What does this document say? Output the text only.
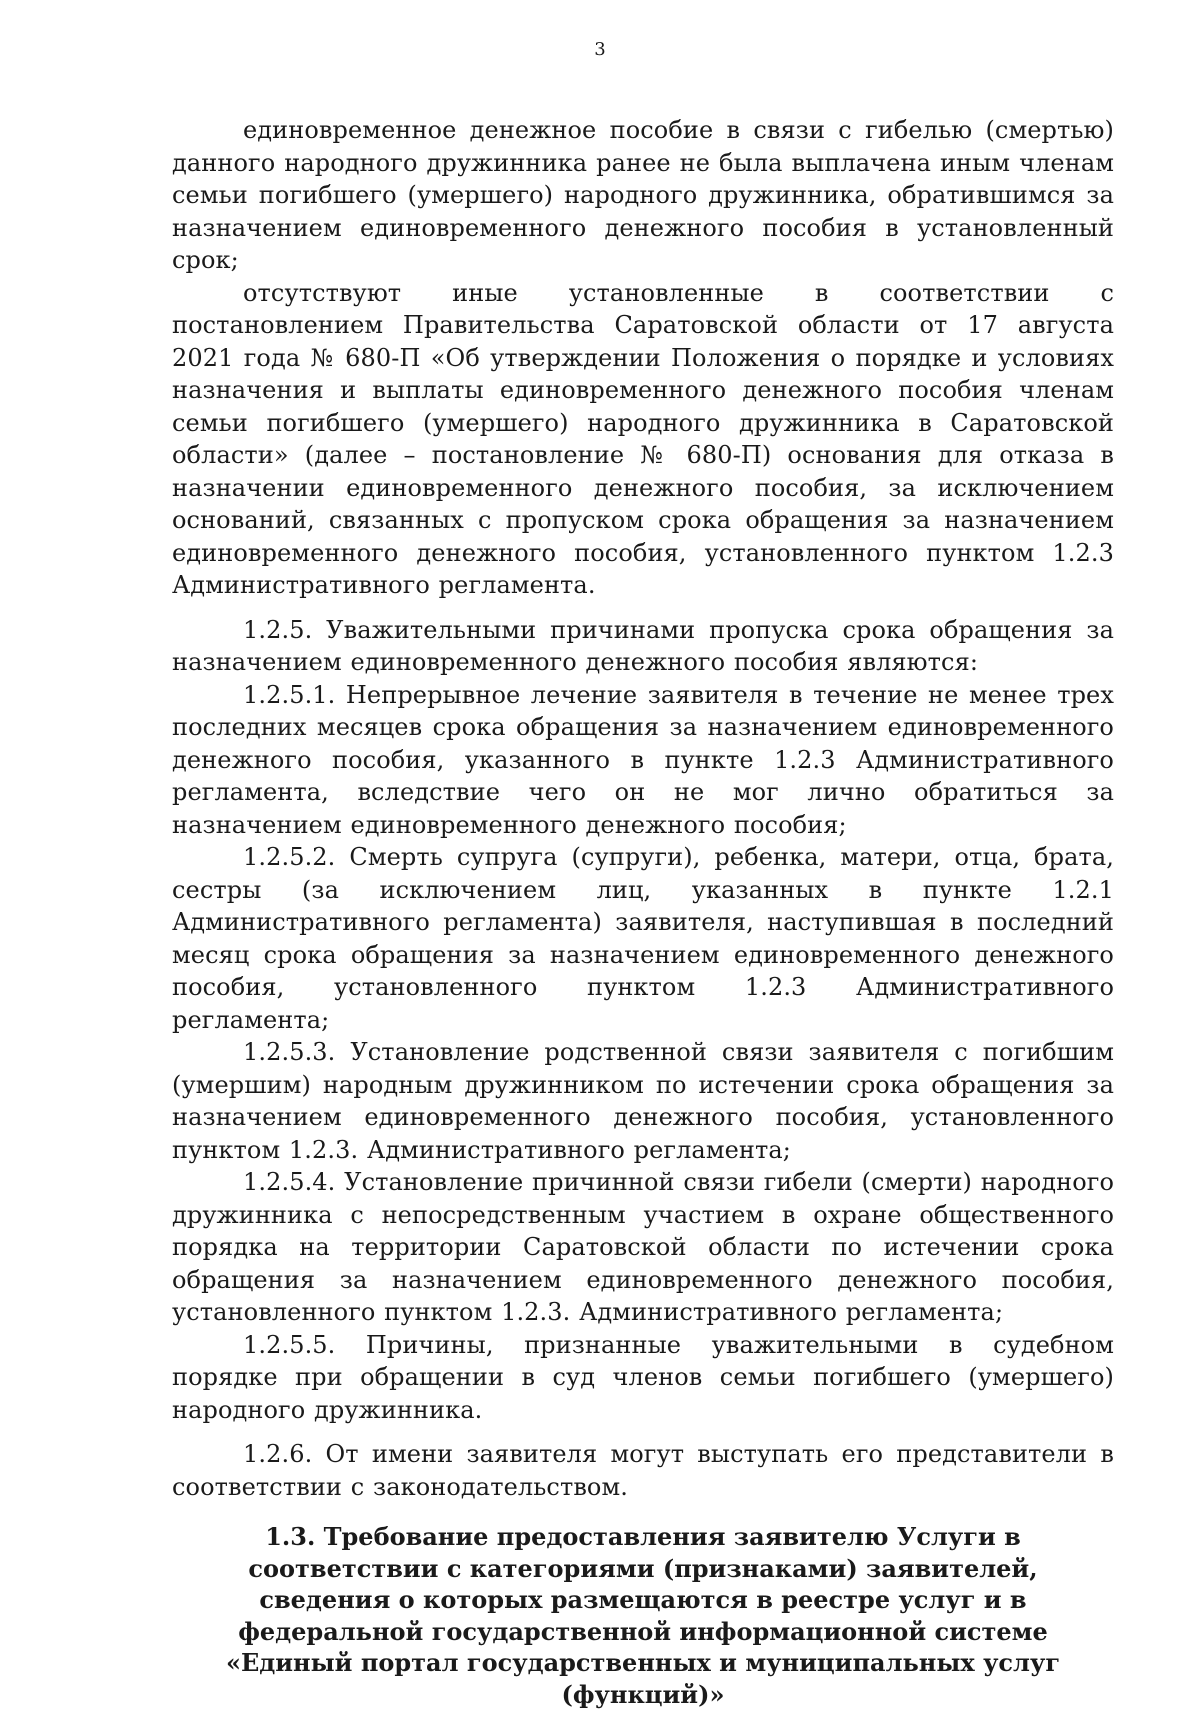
3

единовременное денежное пособие в связи с гибелью (смертью) данного народного дружинника ранее не была выплачена иным членам семьи погибшего (умершего) народного дружинника, обратившимся за назначением единовременного денежного пособия в установленный срок;

отсутствуют иные установленные в соответствии с постановлением Правительства Саратовской области от 17 августа 2021 года № 680-П «Об утверждении Положения о порядке и условиях назначения и выплаты единовременного денежного пособия членам семьи погибшего (умершего) народного дружинника в Саратовской области» (далее – постановление № 680-П) основания для отказа в назначении единовременного денежного пособия, за исключением оснований, связанных с пропуском срока обращения за назначением единовременного денежного пособия, установленного пунктом 1.2.3 Административного регламента.

1.2.5. Уважительными причинами пропуска срока обращения за назначением единовременного денежного пособия являются:

1.2.5.1. Непрерывное лечение заявителя в течение не менее трех последних месяцев срока обращения за назначением единовременного денежного пособия, указанного в пункте 1.2.3 Административного регламента, вследствие чего он не мог лично обратиться за назначением единовременного денежного пособия;

1.2.5.2. Смерть супруга (супруги), ребенка, матери, отца, брата, сестры (за исключением лиц, указанных в пункте 1.2.1 Административного регламента) заявителя, наступившая в последний месяц срока обращения за назначением единовременного денежного пособия, установленного пунктом 1.2.3 Административного регламента;

1.2.5.3. Установление родственной связи заявителя с погибшим (умершим) народным дружинником по истечении срока обращения за назначением единовременного денежного пособия, установленного пунктом 1.2.3. Административного регламента;

1.2.5.4. Установление причинной связи гибели (смерти) народного дружинника с непосредственным участием в охране общественного порядка на территории Саратовской области по истечении срока обращения за назначением единовременного денежного пособия, установленного пунктом 1.2.3. Административного регламента;

1.2.5.5. Причины, признанные уважительными в судебном порядке при обращении в суд членов семьи погибшего (умершего) народного дружинника.

1.2.6. От имени заявителя могут выступать его представители в соответствии с законодательством.

1.3. Требование предоставления заявителю Услуги в соответствии с категориями (признаками) заявителей, сведения о которых размещаются в реестре услуг и в федеральной государственной информационной системе «Единый портал государственных и муниципальных услуг (функций)»
